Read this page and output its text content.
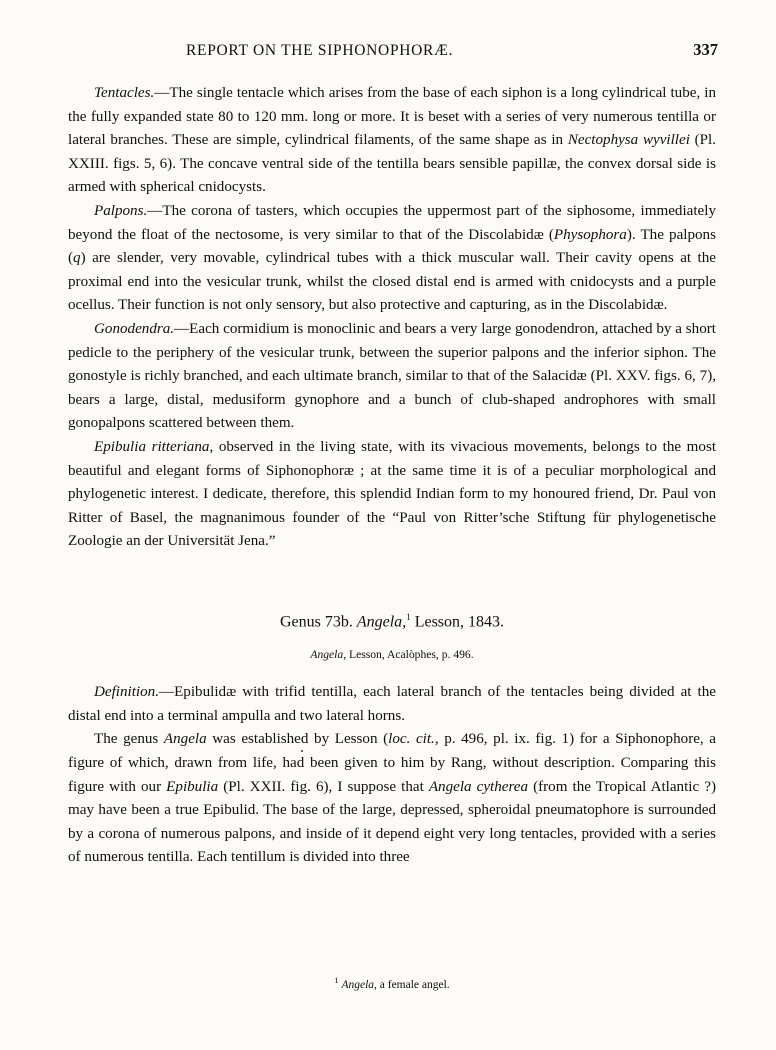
REPORT ON THE SIPHONOPHORÆ.	337

Tentacles.—The single tentacle which arises from the base of each siphon is a long cylindrical tube, in the fully expanded state 80 to 120 mm. long or more. It is beset with a series of very numerous tentilla or lateral branches. These are simple, cylindrical filaments, of the same shape as in Nectophysa wyvillei (Pl. XXIII. figs. 5, 6). The concave ventral side of the tentilla bears sensible papillæ, the convex dorsal side is armed with spherical cnidocysts.

Palpons.—The corona of tasters, which occupies the uppermost part of the siphosome, immediately beyond the float of the nectosome, is very similar to that of the Discolabidæ (Physophora). The palpons (q) are slender, very movable, cylindrical tubes with a thick muscular wall. Their cavity opens at the proximal end into the vesicular trunk, whilst the closed distal end is armed with cnidocysts and a purple ocellus. Their function is not only sensory, but also protective and capturing, as in the Discolabidæ.

Gonodendra.—Each cormidium is monoclinic and bears a very large gonodendron, attached by a short pedicle to the periphery of the vesicular trunk, between the superior palpons and the inferior siphon. The gonostyle is richly branched, and each ultimate branch, similar to that of the Salacidæ (Pl. XXV. figs. 6, 7), bears a large, distal, medusiform gynophore and a bunch of club-shaped androphores with small gonopalpons scattered between them.

Epibulia ritteriana, observed in the living state, with its vivacious movements, belongs to the most beautiful and elegant forms of Siphonophoræ ; at the same time it is of a peculiar morphological and phylogenetic interest. I dedicate, therefore, this splendid Indian form to my honoured friend, Dr. Paul von Ritter of Basel, the magnanimous founder of the “Paul von Ritter’sche Stiftung für phylogenetische Zoologie an der Universität Jena.”

Genus 73b. Angela,$^1$ Lesson, 1843.

Angela, Lesson, Acalòphes, p. 496.

Definition.—Epibulidæ with trifid tentilla, each lateral branch of the tentacles being divided at the distal end into a terminal ampulla and two lateral horns.

The genus Angela was established by Lesson (loc. cit., p. 496, pl. ix. fig. 1) for a Siphonophore, a figure of which, drawn from life, had been given to him by Rang, without description. Comparing this figure with our Epibulia (Pl. XXII. fig. 6), I suppose that Angela cytherea (from the Tropical Atlantic ?) may have been a true Epibulid. The base of the large, depressed, spheroidal pneumatophore is surrounded by a corona of numerous palpons, and inside of it depend eight very long tentacles, provided with a series of numerous tentilla. Each tentillum is divided into three

$^1$ Angela, a female angel.
